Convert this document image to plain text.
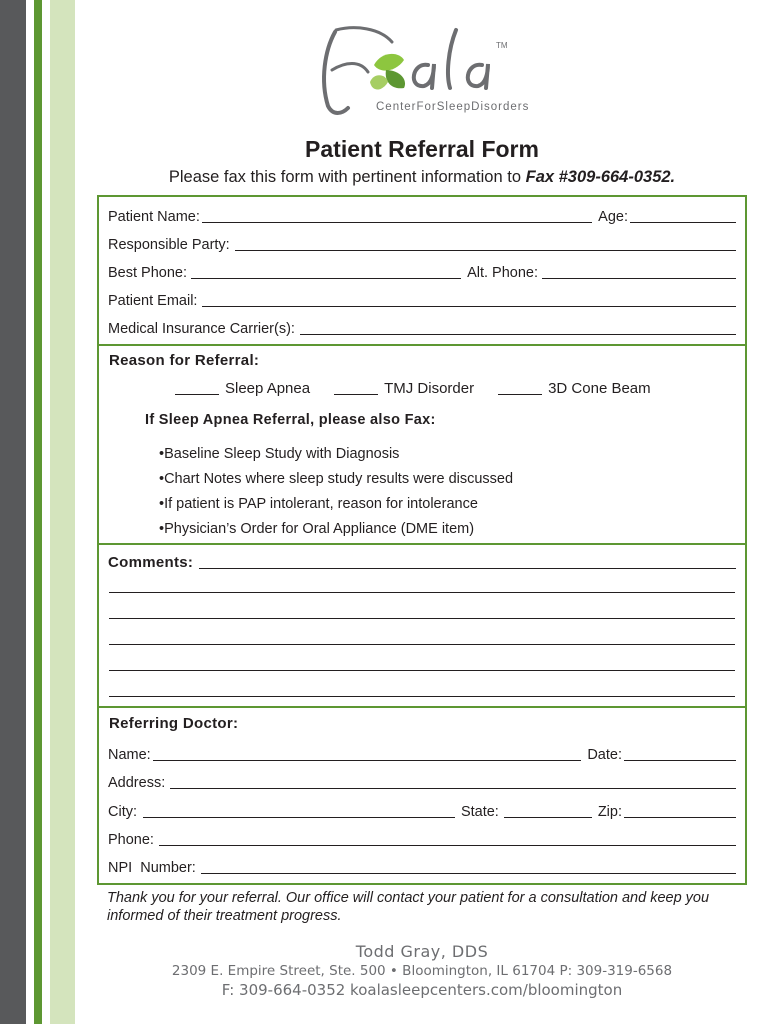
TM
CenterForSleepDisorders
Patient Referral Form
Please fax this form with pertinent information to Fax #309-664-0352.
Patient Name:	Age:
Responsible Party:
Best Phone:	Alt. Phone:
Patient Email:
Medical Insurance Carrier(s):
Reason for Referral:
Sleep Apnea	TMJ Disorder	3D Cone Beam
If Sleep Apnea Referral, please also Fax:
• Baseline Sleep Study with Diagnosis
• Chart Notes where sleep study results were discussed
• If patient is PAP intolerant, reason for intolerance
• Physician’s Order for Oral Appliance (DME item)
Comments:
Referring Doctor:
Name:	Date:
Address:
City:	State:	Zip:
Phone:
NPI  Number:
Thank you for your referral. Our office will contact your patient for a consultation and keep you informed of their treatment progress.
Todd Gray, DDS
2309 E. Empire Street, Ste. 500 • Bloomington, IL 61704 P: 309-319-6568
F: 309-664-0352 koalasleepcenters.com/bloomington
